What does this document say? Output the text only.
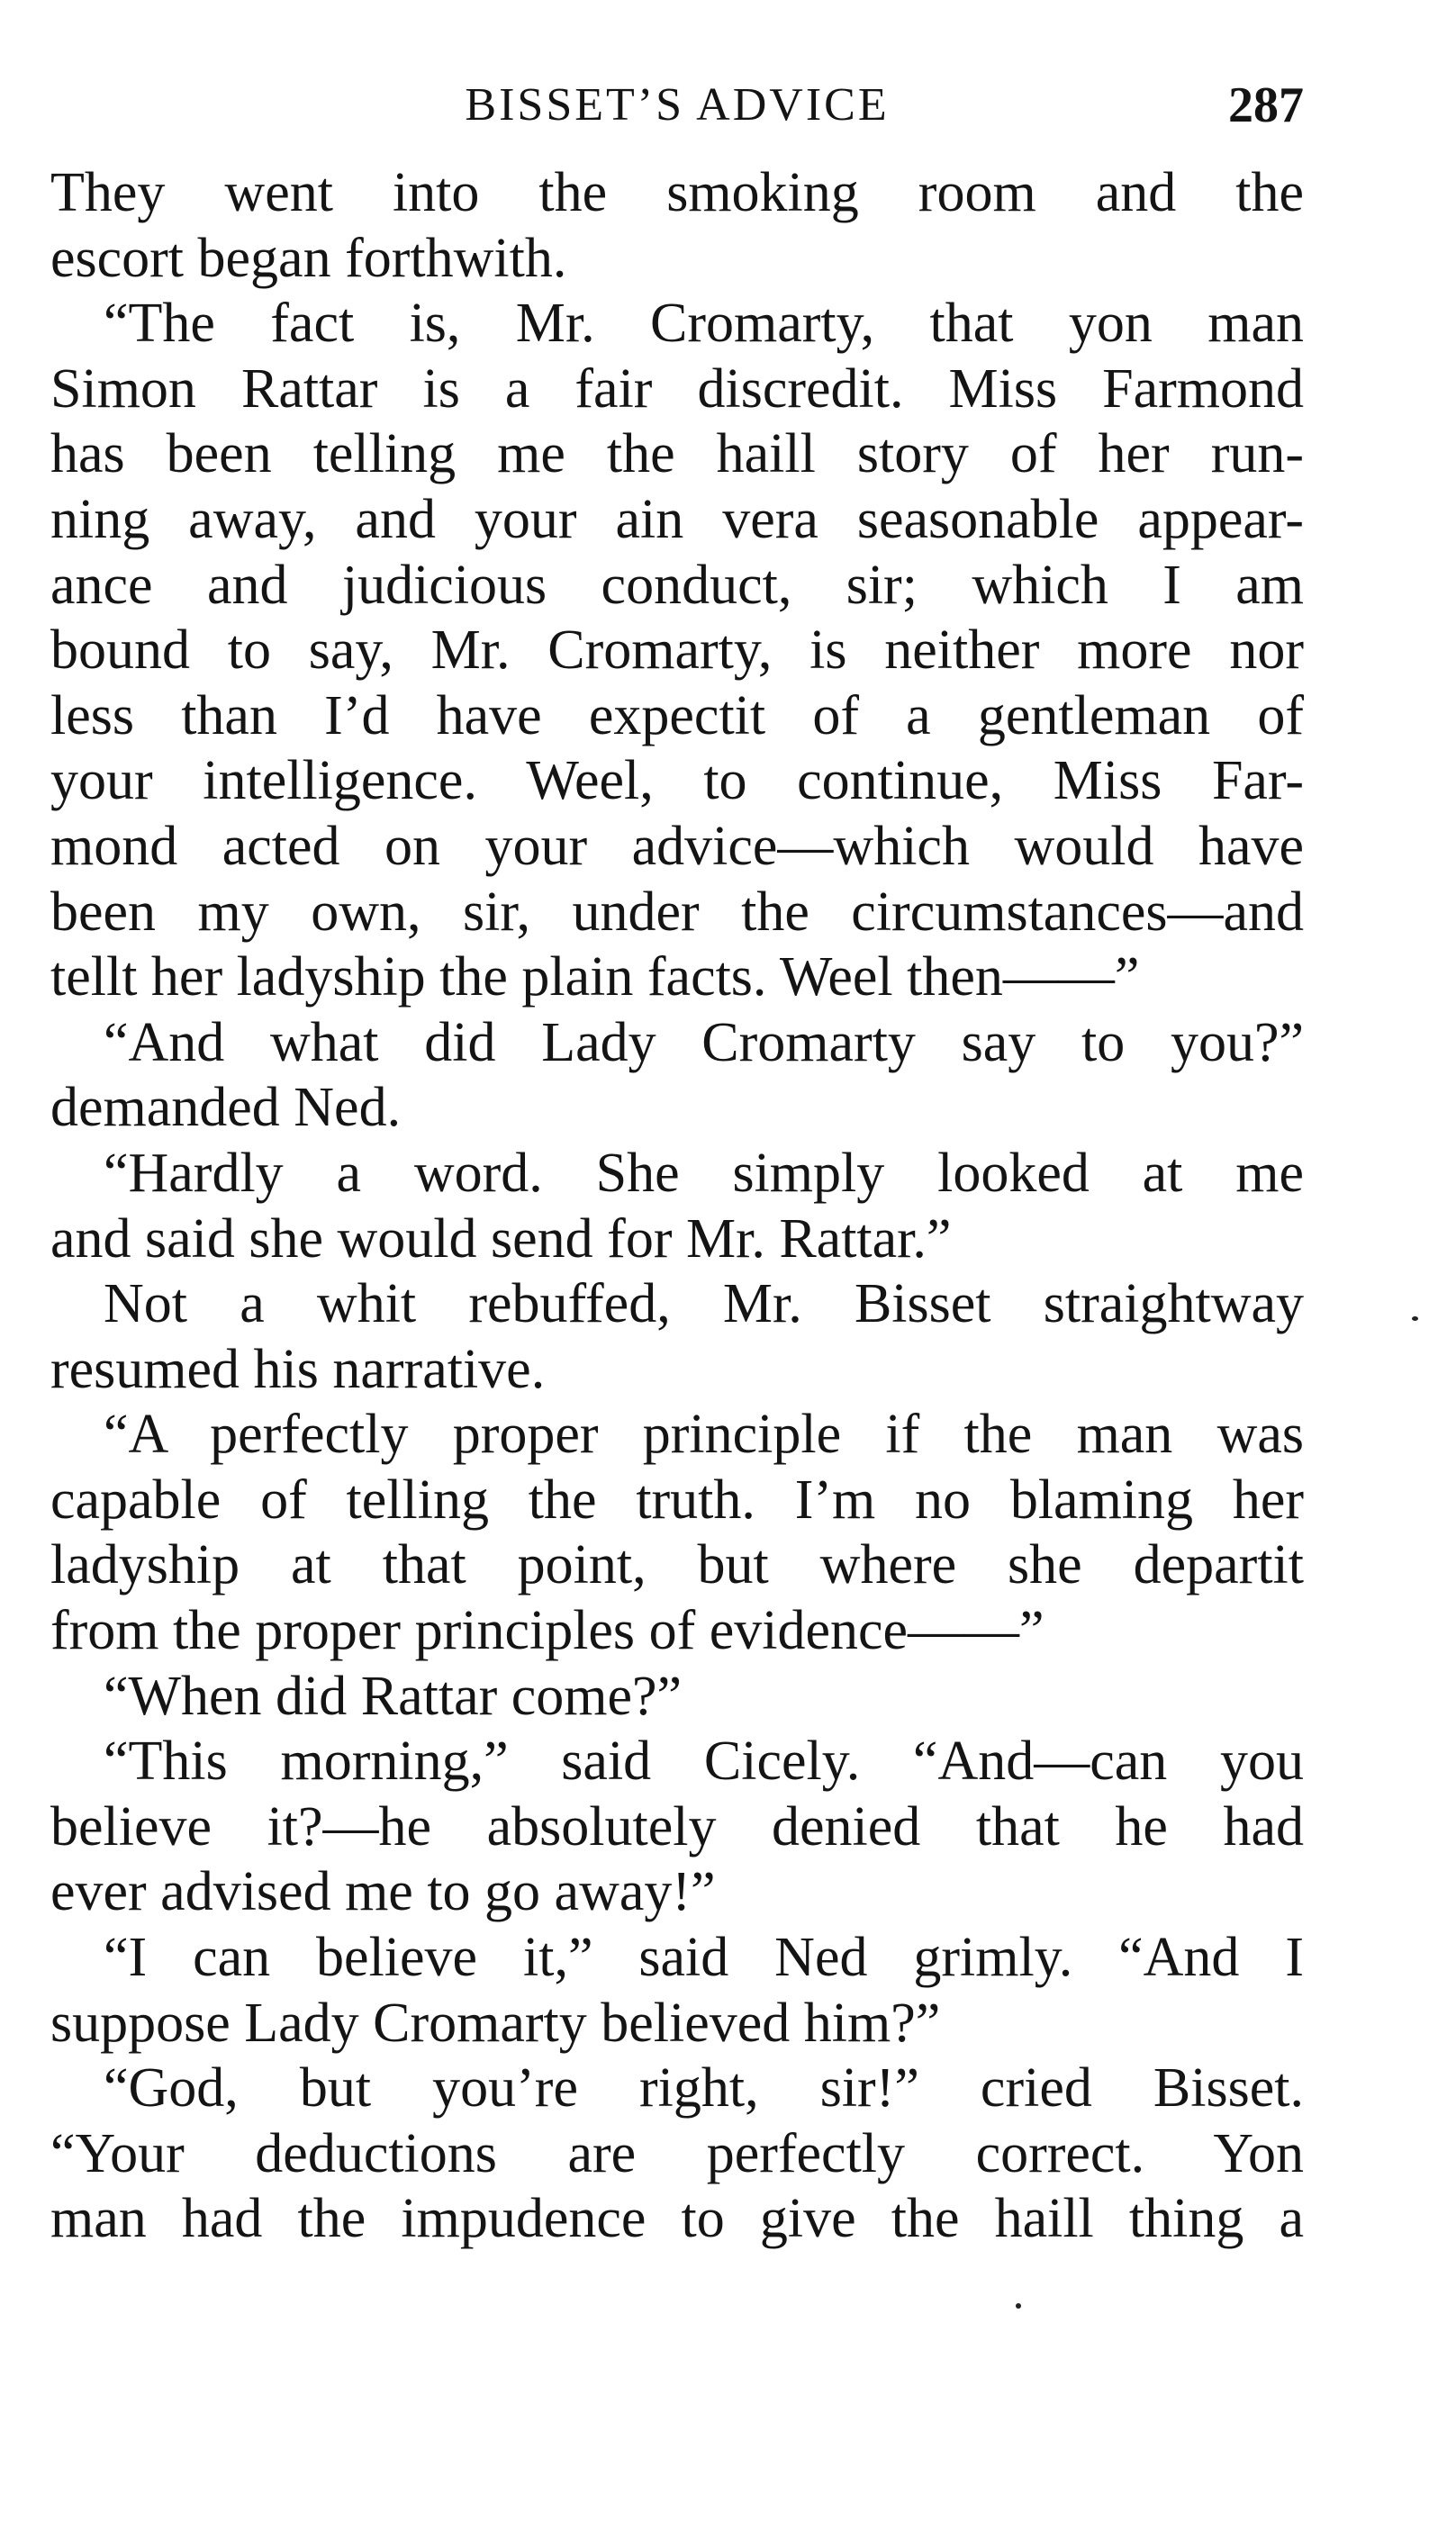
BISSET’S ADVICE	287
They went into the smoking room and the
escort began forthwith.
“The fact is, Mr. Cromarty, that yon man
Simon Rattar is a fair discredit. Miss Farmond
has been telling me the haill story of her run-
ning away, and your ain vera seasonable appear-
ance and judicious conduct, sir; which I am
bound to say, Mr. Cromarty, is neither more nor
less than I’d have expectit of a gentleman of
your intelligence. Weel, to continue, Miss Far-
mond acted on your advice—which would have
been my own, sir, under the circumstances—and
tellt her ladyship the plain facts. Weel then——”
“And what did Lady Cromarty say to you?”
demanded Ned.
“Hardly a word. She simply looked at me
and said she would send for Mr. Rattar.”
Not a whit rebuffed, Mr. Bisset straightway
resumed his narrative.
“A perfectly proper principle if the man was
capable of telling the truth. I’m no blaming her
ladyship at that point, but where she departit
from the proper principles of evidence——”
“When did Rattar come?”
“This morning,” said Cicely. “And—can you
believe it?—he absolutely denied that he had
ever advised me to go away!”
“I can believe it,” said Ned grimly. “And I
suppose Lady Cromarty believed him?”
“God, but you’re right, sir!” cried Bisset.
“Your deductions are perfectly correct. Yon
man had the impudence to give the haill thing a
